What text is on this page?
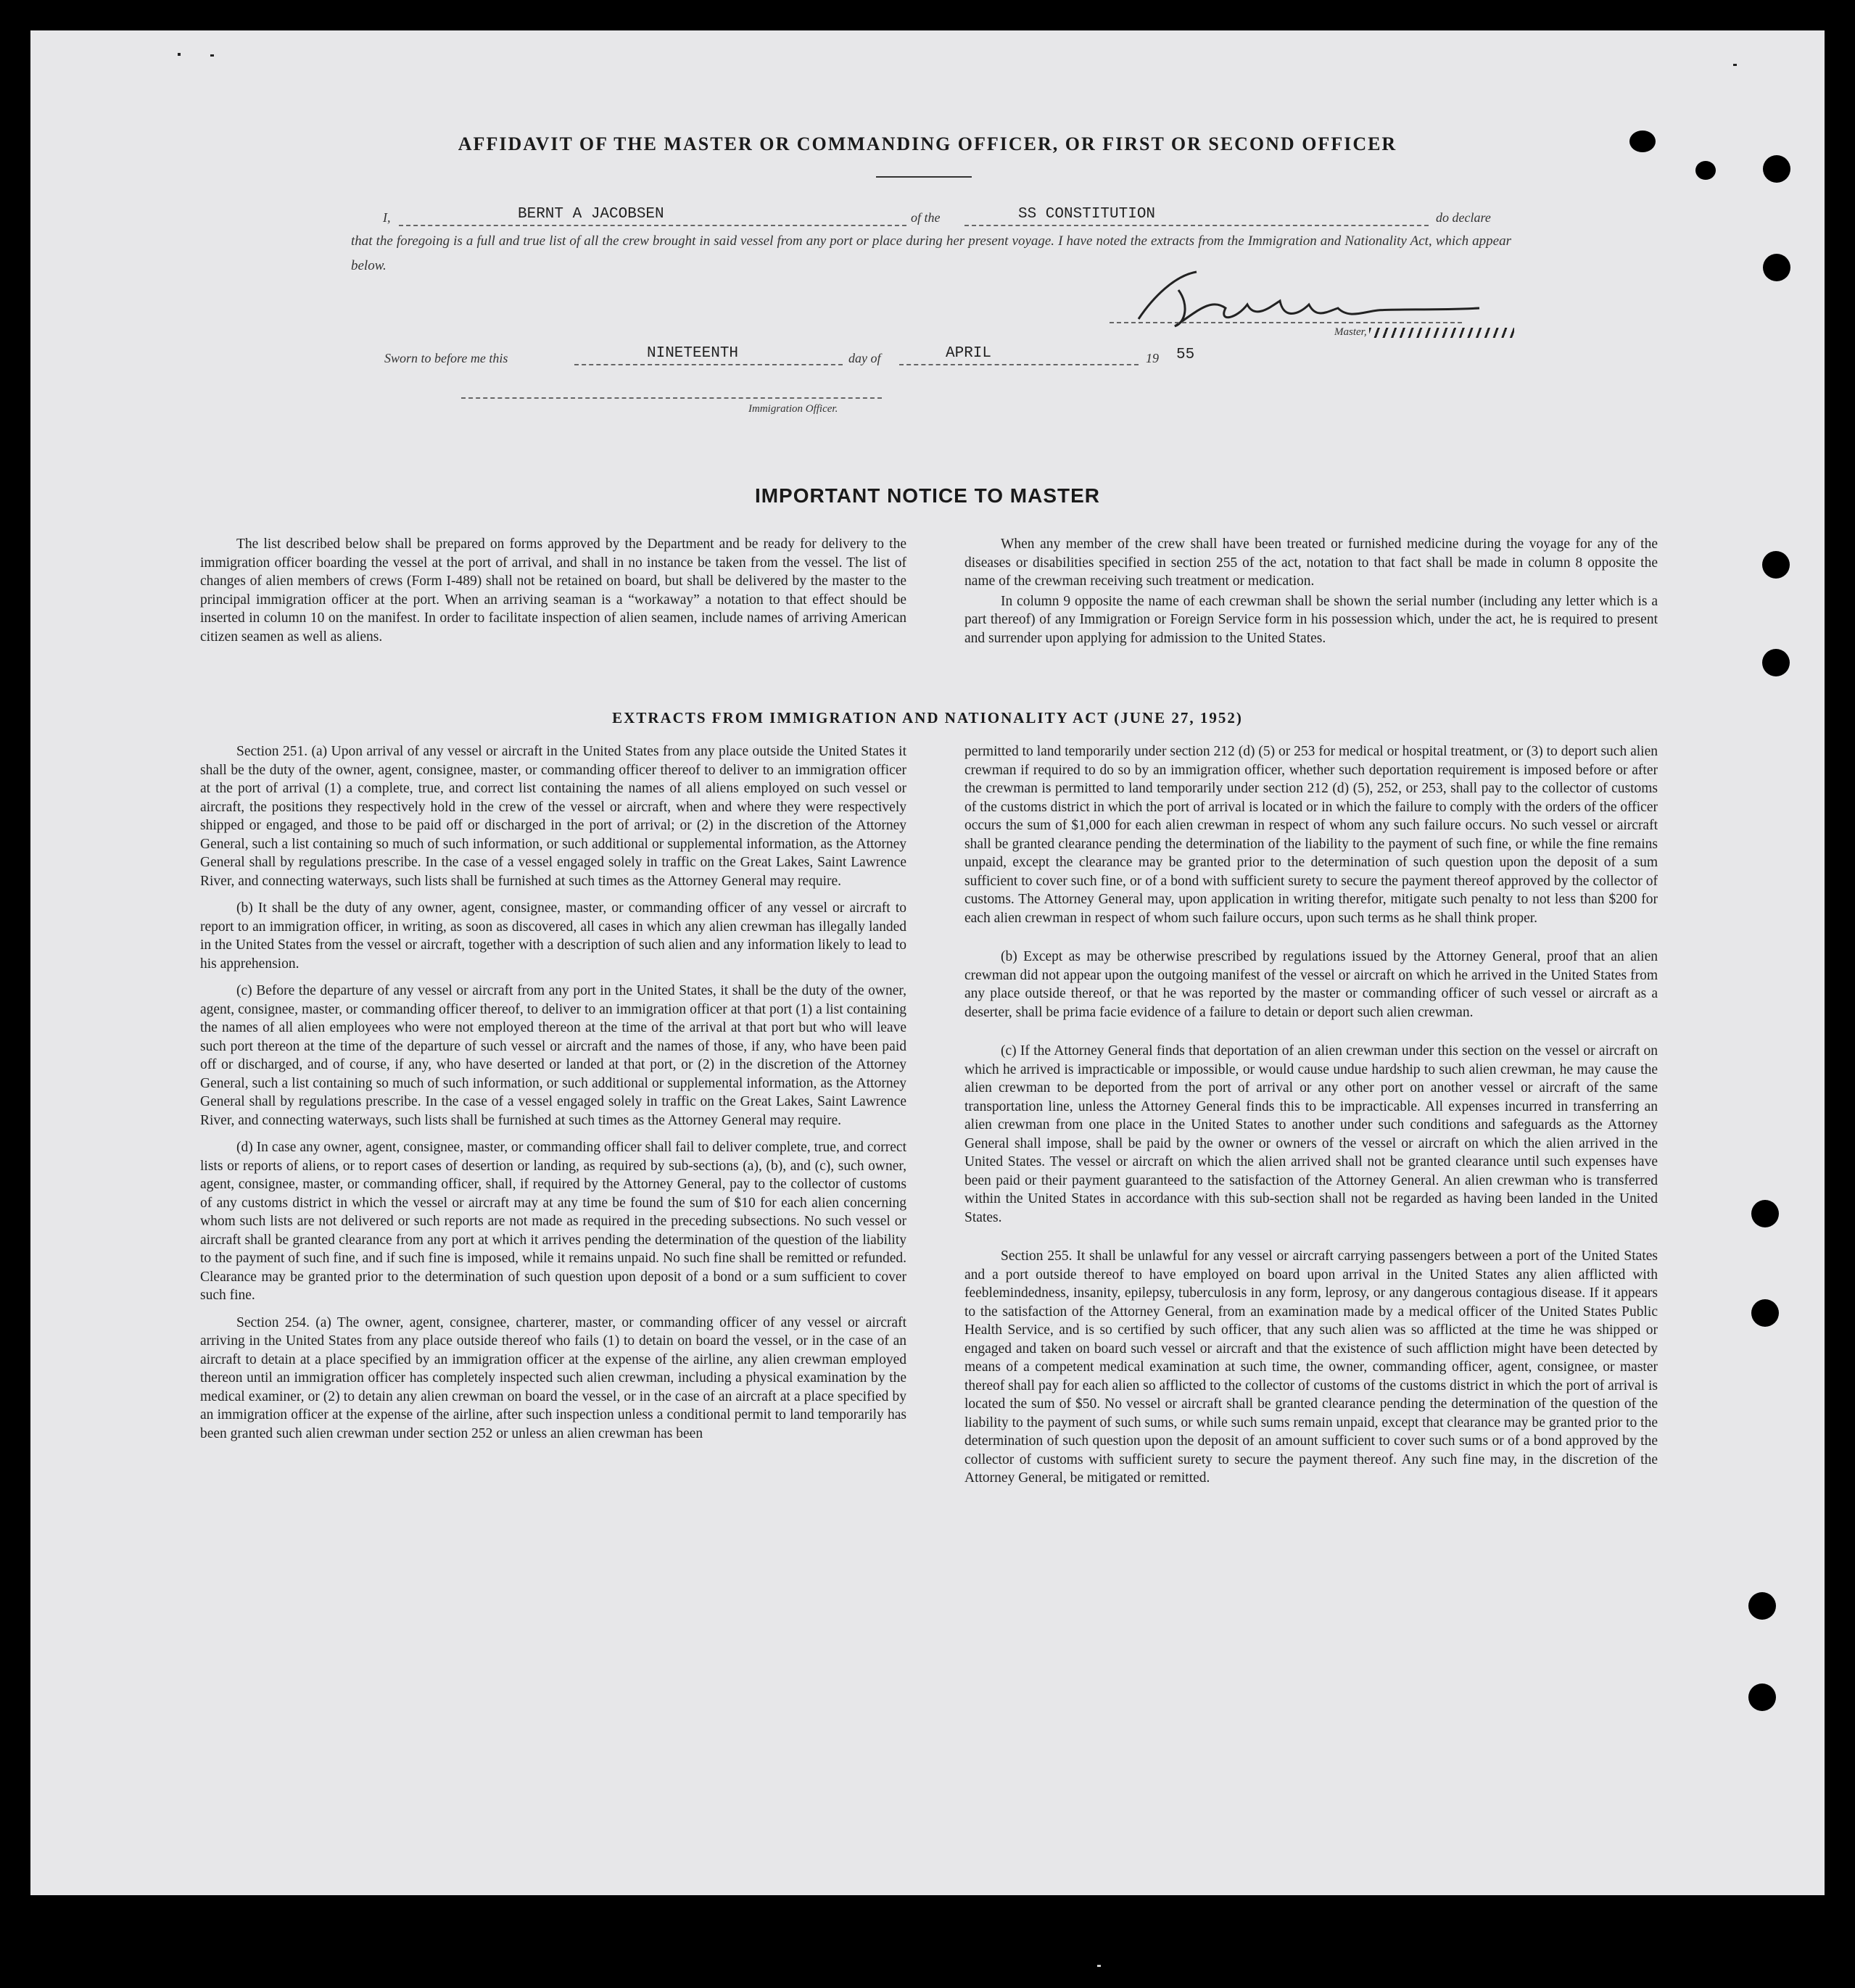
AFFIDAVIT OF THE MASTER OR COMMANDING OFFICER, OR FIRST OR SECOND OFFICER
I,	BERNT A JACOBSEN	of the	SS CONSTITUTION	do declare
that the foregoing is a full and true list of all the crew brought in said vessel from any port or place during her present voyage. I have noted the extracts from the Immigration and Nationality Act, which appear below.
Master,
Sworn to before me this	NINETEENTH	day of	APRIL	19 55
Immigration Officer.
IMPORTANT NOTICE TO MASTER

The list described below shall be prepared on forms approved by the Department and be ready for delivery to the immigration officer boarding the vessel at the port of arrival, and shall in no instance be taken from the vessel. The list of changes of alien members of crews (Form I-489) shall not be retained on board, but shall be delivered by the master to the principal immigration officer at the port. When an arriving seaman is a “workaway” a notation to that effect should be inserted in column 10 on the manifest. In order to facilitate inspection of alien seamen, include names of arriving American citizen seamen as well as aliens.

When any member of the crew shall have been treated or furnished medicine during the voyage for any of the diseases or disabilities specified in section 255 of the act, notation to that fact shall be made in column 8 opposite the name of the crewman receiving such treatment or medication.

In column 9 opposite the name of each crewman shall be shown the serial number (including any letter which is a part thereof) of any Immigration or Foreign Service form in his possession which, under the act, he is required to present and surrender upon applying for admission to the United States.

EXTRACTS FROM IMMIGRATION AND NATIONALITY ACT (JUNE 27, 1952)

Section 251. (a) Upon arrival of any vessel or aircraft in the United States from any place outside the United States it shall be the duty of the owner, agent, consignee, master, or commanding officer thereof to deliver to an immigration officer at the port of arrival (1) a complete, true, and correct list containing the names of all aliens employed on such vessel or aircraft, the positions they respectively hold in the crew of the vessel or aircraft, when and where they were respectively shipped or engaged, and those to be paid off or discharged in the port of arrival; or (2) in the discretion of the Attorney General, such a list containing so much of such information, or such additional or supplemental information, as the Attorney General shall by regulations prescribe. In the case of a vessel engaged solely in traffic on the Great Lakes, Saint Lawrence River, and connecting waterways, such lists shall be furnished at such times as the Attorney General may require.

(b) It shall be the duty of any owner, agent, consignee, master, or commanding officer of any vessel or aircraft to report to an immigration officer, in writing, as soon as discovered, all cases in which any alien crewman has illegally landed in the United States from the vessel or aircraft, together with a description of such alien and any information likely to lead to his apprehension.

(c) Before the departure of any vessel or aircraft from any port in the United States, it shall be the duty of the owner, agent, consignee, master, or commanding officer thereof, to deliver to an immigration officer at that port (1) a list containing the names of all alien employees who were not employed thereon at the time of the arrival at that port but who will leave such port thereon at the time of the departure of such vessel or aircraft and the names of those, if any, who have been paid off or discharged, and of course, if any, who have deserted or landed at that port, or (2) in the discretion of the Attorney General, such a list containing so much of such information, or such additional or supplemental information, as the Attorney General shall by regulations prescribe. In the case of a vessel engaged solely in traffic on the Great Lakes, Saint Lawrence River, and connecting waterways, such lists shall be furnished at such times as the Attorney General may require.

(d) In case any owner, agent, consignee, master, or commanding officer shall fail to deliver complete, true, and correct lists or reports of aliens, or to report cases of desertion or landing, as required by sub-sections (a), (b), and (c), such owner, agent, consignee, master, or commanding officer, shall, if required by the Attorney General, pay to the collector of customs of any customs district in which the vessel or aircraft may at any time be found the sum of $10 for each alien concerning whom such lists are not delivered or such reports are not made as required in the preceding subsections. No such vessel or aircraft shall be granted clearance from any port at which it arrives pending the determination of the question of the liability to the payment of such fine, and if such fine is imposed, while it remains unpaid. No such fine shall be remitted or refunded. Clearance may be granted prior to the determination of such question upon deposit of a bond or a sum sufficient to cover such fine.

Section 254. (a) The owner, agent, consignee, charterer, master, or commanding officer of any vessel or aircraft arriving in the United States from any place outside thereof who fails (1) to detain on board the vessel, or in the case of an aircraft to detain at a place specified by an immigration officer at the expense of the airline, any alien crewman employed thereon until an immigration officer has completely inspected such alien crewman, including a physical examination by the medical examiner, or (2) to detain any alien crewman on board the vessel, or in the case of an aircraft at a place specified by an immigration officer at the expense of the airline, after such inspection unless a conditional permit to land temporarily has been granted such alien crewman under section 252 or unless an alien crewman has been

permitted to land temporarily under section 212 (d) (5) or 253 for medical or hospital treatment, or (3) to deport such alien crewman if required to do so by an immigration officer, whether such deportation requirement is imposed before or after the crewman is permitted to land temporarily under section 212 (d) (5), 252, or 253, shall pay to the collector of customs of the customs district in which the port of arrival is located or in which the failure to comply with the orders of the officer occurs the sum of $1,000 for each alien crewman in respect of whom any such failure occurs. No such vessel or aircraft shall be granted clearance pending the determination of the liability to the payment of such fine, or while the fine remains unpaid, except the clearance may be granted prior to the determination of such question upon the deposit of a sum sufficient to cover such fine, or of a bond with sufficient surety to secure the payment thereof approved by the collector of customs. The Attorney General may, upon application in writing therefor, mitigate such penalty to not less than $200 for each alien crewman in respect of whom such failure occurs, upon such terms as he shall think proper.

(b) Except as may be otherwise prescribed by regulations issued by the Attorney General, proof that an alien crewman did not appear upon the outgoing manifest of the vessel or aircraft on which he arrived in the United States from any place outside thereof, or that he was reported by the master or commanding officer of such vessel or aircraft as a deserter, shall be prima facie evidence of a failure to detain or deport such alien crewman.

(c) If the Attorney General finds that deportation of an alien crewman under this section on the vessel or aircraft on which he arrived is impracticable or impossible, or would cause undue hardship to such alien crewman, he may cause the alien crewman to be deported from the port of arrival or any other port on another vessel or aircraft of the same transportation line, unless the Attorney General finds this to be impracticable. All expenses incurred in transferring an alien crewman from one place in the United States to another under such conditions and safeguards as the Attorney General shall impose, shall be paid by the owner or owners of the vessel or aircraft on which the alien arrived in the United States. The vessel or aircraft on which the alien arrived shall not be granted clearance until such expenses have been paid or their payment guaranteed to the satisfaction of the Attorney General. An alien crewman who is transferred within the United States in accordance with this sub-section shall not be regarded as having been landed in the United States.

Section 255. It shall be unlawful for any vessel or aircraft carrying passengers between a port of the United States and a port outside thereof to have employed on board upon arrival in the United States any alien afflicted with feeblemindedness, insanity, epilepsy, tuberculosis in any form, leprosy, or any dangerous contagious disease. If it appears to the satisfaction of the Attorney General, from an examination made by a medical officer of the United States Public Health Service, and is so certified by such officer, that any such alien was so afflicted at the time he was shipped or engaged and taken on board such vessel or aircraft and that the existence of such affliction might have been detected by means of a competent medical examination at such time, the owner, commanding officer, agent, consignee, or master thereof shall pay for each alien so afflicted to the collector of customs of the customs district in which the port of arrival is located the sum of $50. No vessel or aircraft shall be granted clearance pending the determination of the question of the liability to the payment of such sums, or while such sums remain unpaid, except that clearance may be granted prior to the determination of such question upon the deposit of an amount sufficient to cover such sums or of a bond approved by the collector of customs with sufficient surety to secure the payment thereof. Any such fine may, in the discretion of the Attorney General, be mitigated or remitted.
